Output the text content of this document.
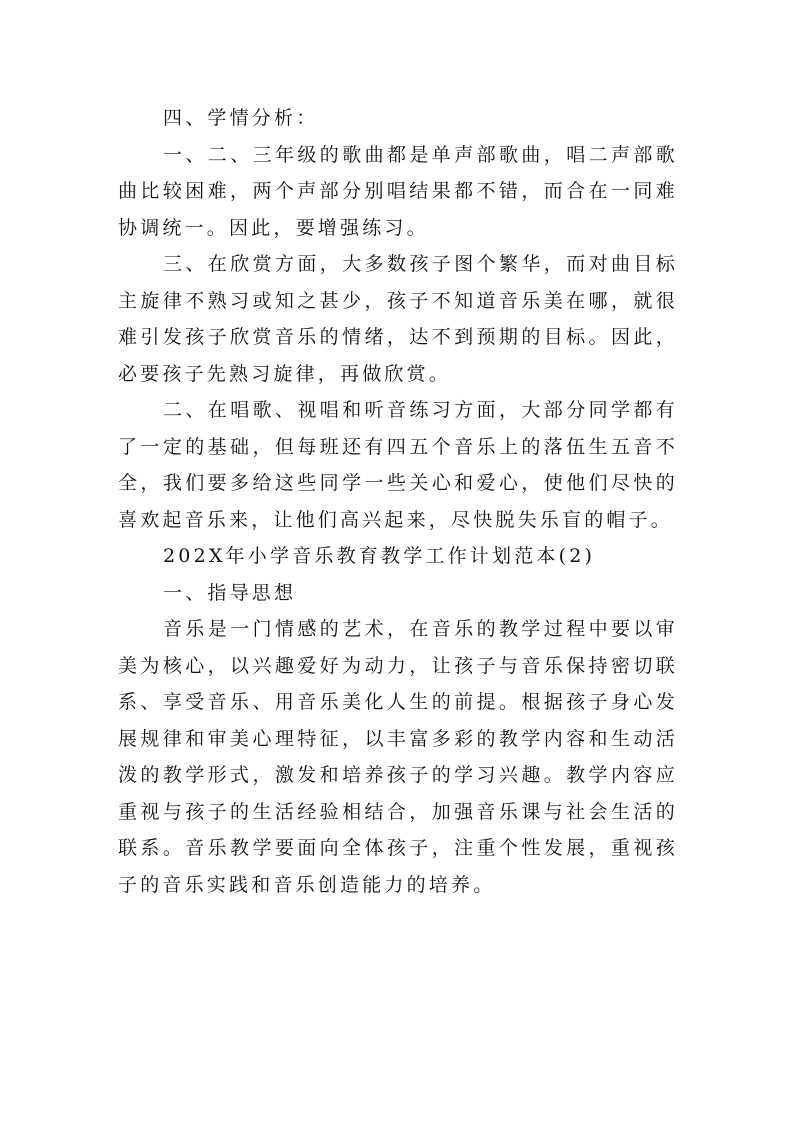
四、学情分析：

一、二、三年级的歌曲都是单声部歌曲，唱二声部歌曲比较困难，两个声部分别唱结果都不错，而合在一同难协调统一。因此，要增强练习。

三、在欣赏方面，大多数孩子图个繁华，而对曲目标主旋律不熟习或知之甚少，孩子不知道音乐美在哪，就很难引发孩子欣赏音乐的情绪，达不到预期的目标。因此，必要孩子先熟习旋律，再做欣赏。

二、在唱歌、视唱和听音练习方面，大部分同学都有了一定的基础，但每班还有四五个音乐上的落伍生五音不全，我们要多给这些同学一些关心和爱心，使他们尽快的喜欢起音乐来，让他们高兴起来，尽快脱失乐盲的帽子。

202X年小学音乐教育教学工作计划范本(2)

一、指导思想

音乐是一门情感的艺术，在音乐的教学过程中要以审美为核心，以兴趣爱好为动力，让孩子与音乐保持密切联系、享受音乐、用音乐美化人生的前提。根据孩子身心发展规律和审美心理特征，以丰富多彩的教学内容和生动活泼的教学形式，激发和培养孩子的学习兴趣。教学内容应重视与孩子的生活经验相结合，加强音乐课与社会生活的联系。音乐教学要面向全体孩子，注重个性发展，重视孩子的音乐实践和音乐创造能力的培养。
